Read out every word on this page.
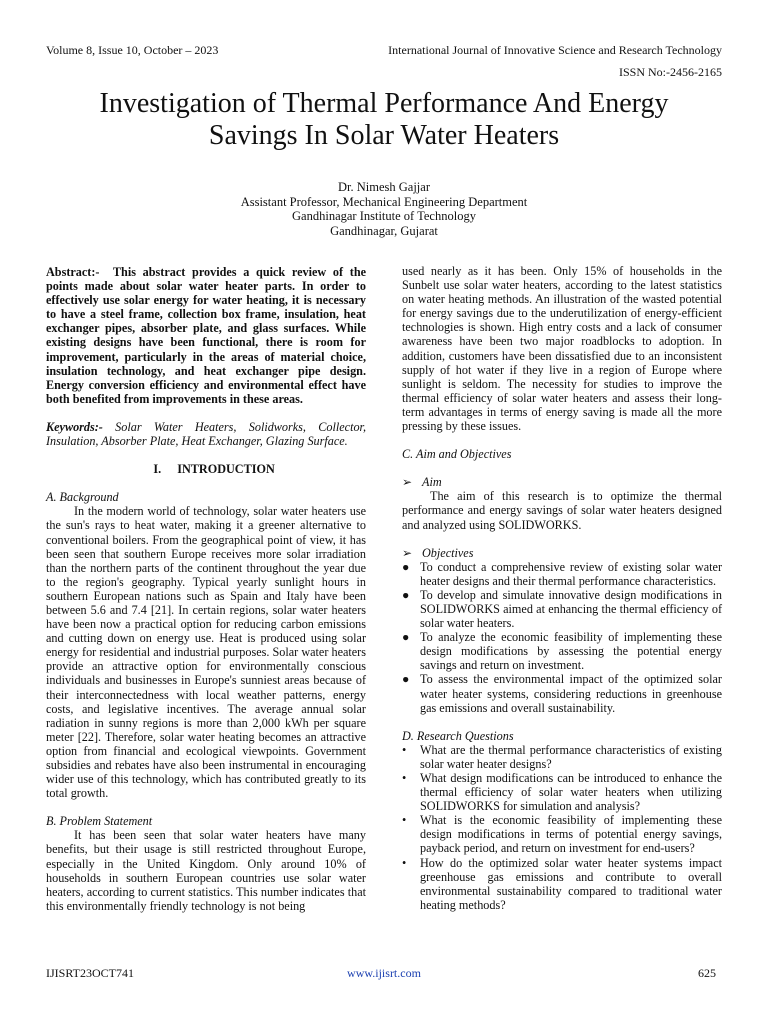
Volume 8, Issue 10, October – 2023	International Journal of Innovative Science and Research Technology
ISSN No:-2456-2165
Investigation of Thermal Performance And Energy
Savings In Solar Water Heaters
Dr. Nimesh Gajjar
Assistant Professor, Mechanical Engineering Department
Gandhinagar Institute of Technology
Gandhinagar, Gujarat

Abstract:- This abstract provides a quick review of the points made about solar water heater parts. In order to effectively use solar energy for water heating, it is necessary to have a steel frame, collection box frame, insulation, heat exchanger pipes, absorber plate, and glass surfaces. While existing designs have been functional, there is room for improvement, particularly in the areas of material choice, insulation technology, and heat exchanger pipe design. Energy conversion efficiency and environmental effect have both benefited from improvements in these areas.

Keywords:- Solar Water Heaters, Solidworks, Collector, Insulation, Absorber Plate, Heat Exchanger, Glazing Surface.

I. INTRODUCTION

A. Background

In the modern world of technology, solar water heaters use the sun's rays to heat water, making it a greener alternative to conventional boilers. From the geographical point of view, it has been seen that southern Europe receives more solar irradiation than the northern parts of the continent throughout the year due to the region's geography. Typical yearly sunlight hours in southern European nations such as Spain and Italy have been between 5.6 and 7.4 [21]. In certain regions, solar water heaters have been now a practical option for reducing carbon emissions and cutting down on energy use. Heat is produced using solar energy for residential and industrial purposes. Solar water heaters provide an attractive option for environmentally conscious individuals and businesses in Europe's sunniest areas because of their interconnectedness with local weather patterns, energy costs, and legislative incentives. The average annual solar radiation in sunny regions is more than 2,000 kWh per square meter [22]. Therefore, solar water heating becomes an attractive option from financial and ecological viewpoints. Government subsidies and rebates have also been instrumental in encouraging wider use of this technology, which has contributed greatly to its total growth.

B. Problem Statement

It has been seen that solar water heaters have many benefits, but their usage is still restricted throughout Europe, especially in the United Kingdom. Only around 10% of households in southern European countries use solar water heaters, according to current statistics. This number indicates that this environmentally friendly technology is not being

used nearly as it has been. Only 15% of households in the Sunbelt use solar water heaters, according to the latest statistics on water heating methods. An illustration of the wasted potential for energy savings due to the underutilization of energy-efficient technologies is shown. High entry costs and a lack of consumer awareness have been two major roadblocks to adoption. In addition, customers have been dissatisfied due to an inconsistent supply of hot water if they live in a region of Europe where sunlight is seldom. The necessity for studies to improve the thermal efficiency of solar water heaters and assess their long-term advantages in terms of energy saving is made all the more pressing by these issues.

C. Aim and Objectives

➢ Aim

The aim of this research is to optimize the thermal performance and energy savings of solar water heaters designed and analyzed using SOLIDWORKS.

➢ Objectives

● To conduct a comprehensive review of existing solar water heater designs and their thermal performance characteristics.
● To develop and simulate innovative design modifications in SOLIDWORKS aimed at enhancing the thermal efficiency of solar water heaters.
● To analyze the economic feasibility of implementing these design modifications by assessing the potential energy savings and return on investment.
● To assess the environmental impact of the optimized solar water heater systems, considering reductions in greenhouse gas emissions and overall sustainability.

D. Research Questions

• What are the thermal performance characteristics of existing solar water heater designs?
• What design modifications can be introduced to enhance the thermal efficiency of solar water heaters when utilizing SOLIDWORKS for simulation and analysis?
• What is the economic feasibility of implementing these design modifications in terms of potential energy savings, payback period, and return on investment for end-users?
• How do the optimized solar water heater systems impact greenhouse gas emissions and contribute to overall environmental sustainability compared to traditional water heating methods?
IJISRT23OCT741	www.ijisrt.com	625
